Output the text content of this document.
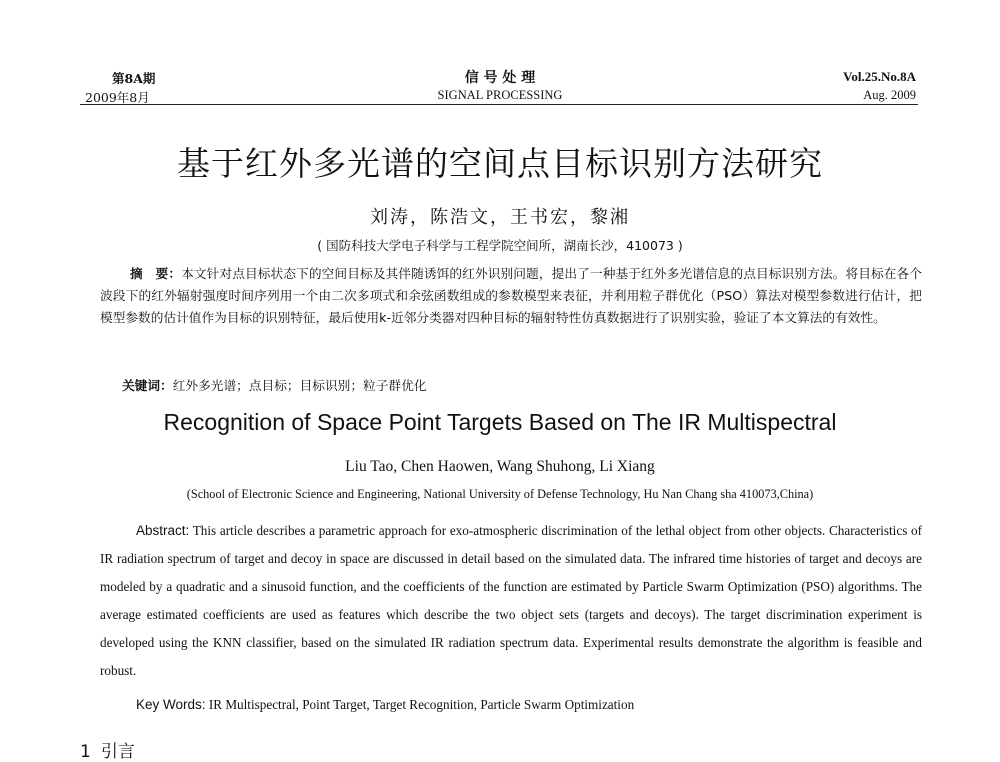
第8A期	信 号 处 理	Vol.25.No.8A
2009年8月	SIGNAL PROCESSING	Aug. 2009
基于红外多光谱的空间点目标识别方法研究
刘涛，陈浩文，王书宏，黎湘
( 国防科技大学电子科学与工程学院空间所，湖南长沙，410073 )
摘　要：本文针对点目标状态下的空间目标及其伴随诱饵的红外识别问题，提出了一种基于红外多光谱信息的点目标识别方法。将目标在各个波段下的红外辐射强度时间序列用一个由二次多项式和余弦函数组成的参数模型来表征，并利用粒子群优化（PSO）算法对模型参数进行估计，把模型参数的估计值作为目标的识别特征，最后使用k-近邻分类器对四种目标的辐射特性仿真数据进行了识别实验，验证了本文算法的有效性。
关键词：红外多光谱；点目标；目标识别；粒子群优化
Recognition of Space Point Targets Based on The IR Multispectral
Liu Tao, Chen Haowen, Wang Shuhong, Li Xiang
(School of Electronic Science and Engineering, National University of Defense Technology, Hu Nan Chang sha 410073,China)
Abstract: This article describes a parametric approach for exo-atmospheric discrimination of the lethal object from other objects. Characteristics of IR radiation spectrum of target and decoy in space are discussed in detail based on the simulated data. The infrared time histories of target and decoys are modeled by a quadratic and a sinusoid function, and the coefficients of the function are estimated by Particle Swarm Optimization (PSO) algorithms. The average estimated coefficients are used as features which describe the two object sets (targets and decoys). The target discrimination experiment is developed using the KNN classifier, based on the simulated IR radiation spectrum data. Experimental results demonstrate the algorithm is feasible and robust.
Key Words: IR Multispectral, Point Target, Target Recognition, Particle Swarm Optimization
1 引言
